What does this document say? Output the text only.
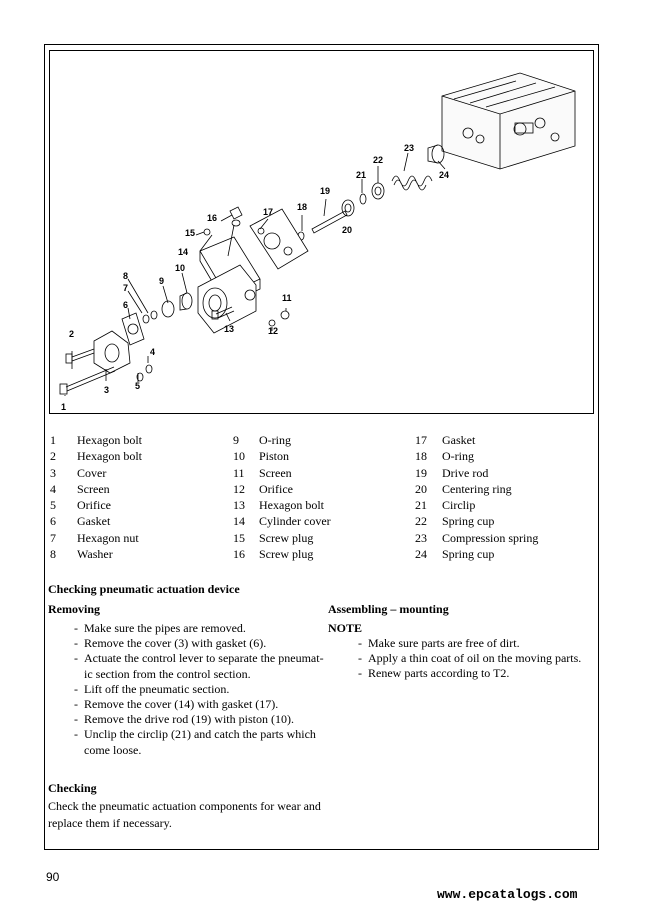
1
2
3
4
5
6
7
8	9
10
11
12
13
14
15
16
17	18
19
20
21
22
23
24
1 Hexagon bolt	9 O-ring	17 Gasket
2 Hexagon bolt	10 Piston	18 O-ring
3 Cover	11 Screen	19 Drive rod
4 Screen	12 Orifice	20 Centering ring
5 Orifice	13 Hexagon bolt	21 Circlip
6 Gasket	14 Cylinder cover	22 Spring cup
7 Hexagon nut	15 Screw plug	23 Compression spring
8 Washer	16 Screw plug	24 Spring cup
Checking pneumatic actuation device
Removing
- Make sure the pipes are removed.
- Remove the cover (3) with gasket (6).
- Actuate the control lever to separate the pneumat-
ic section from the control section.
- Lift off the pneumatic section.
- Remove the cover (14) with gasket (17).
- Remove the drive rod (19) with piston (10).
- Unclip the circlip (21) and catch the parts which
come loose.
Assembling – mounting
NOTE
- Make sure parts are free of dirt.
- Apply a thin coat of oil on the moving parts.
- Renew parts according to T2.
Checking
Check the pneumatic actuation components for wear and
replace them if necessary.
90
www.epcatalogs.com
